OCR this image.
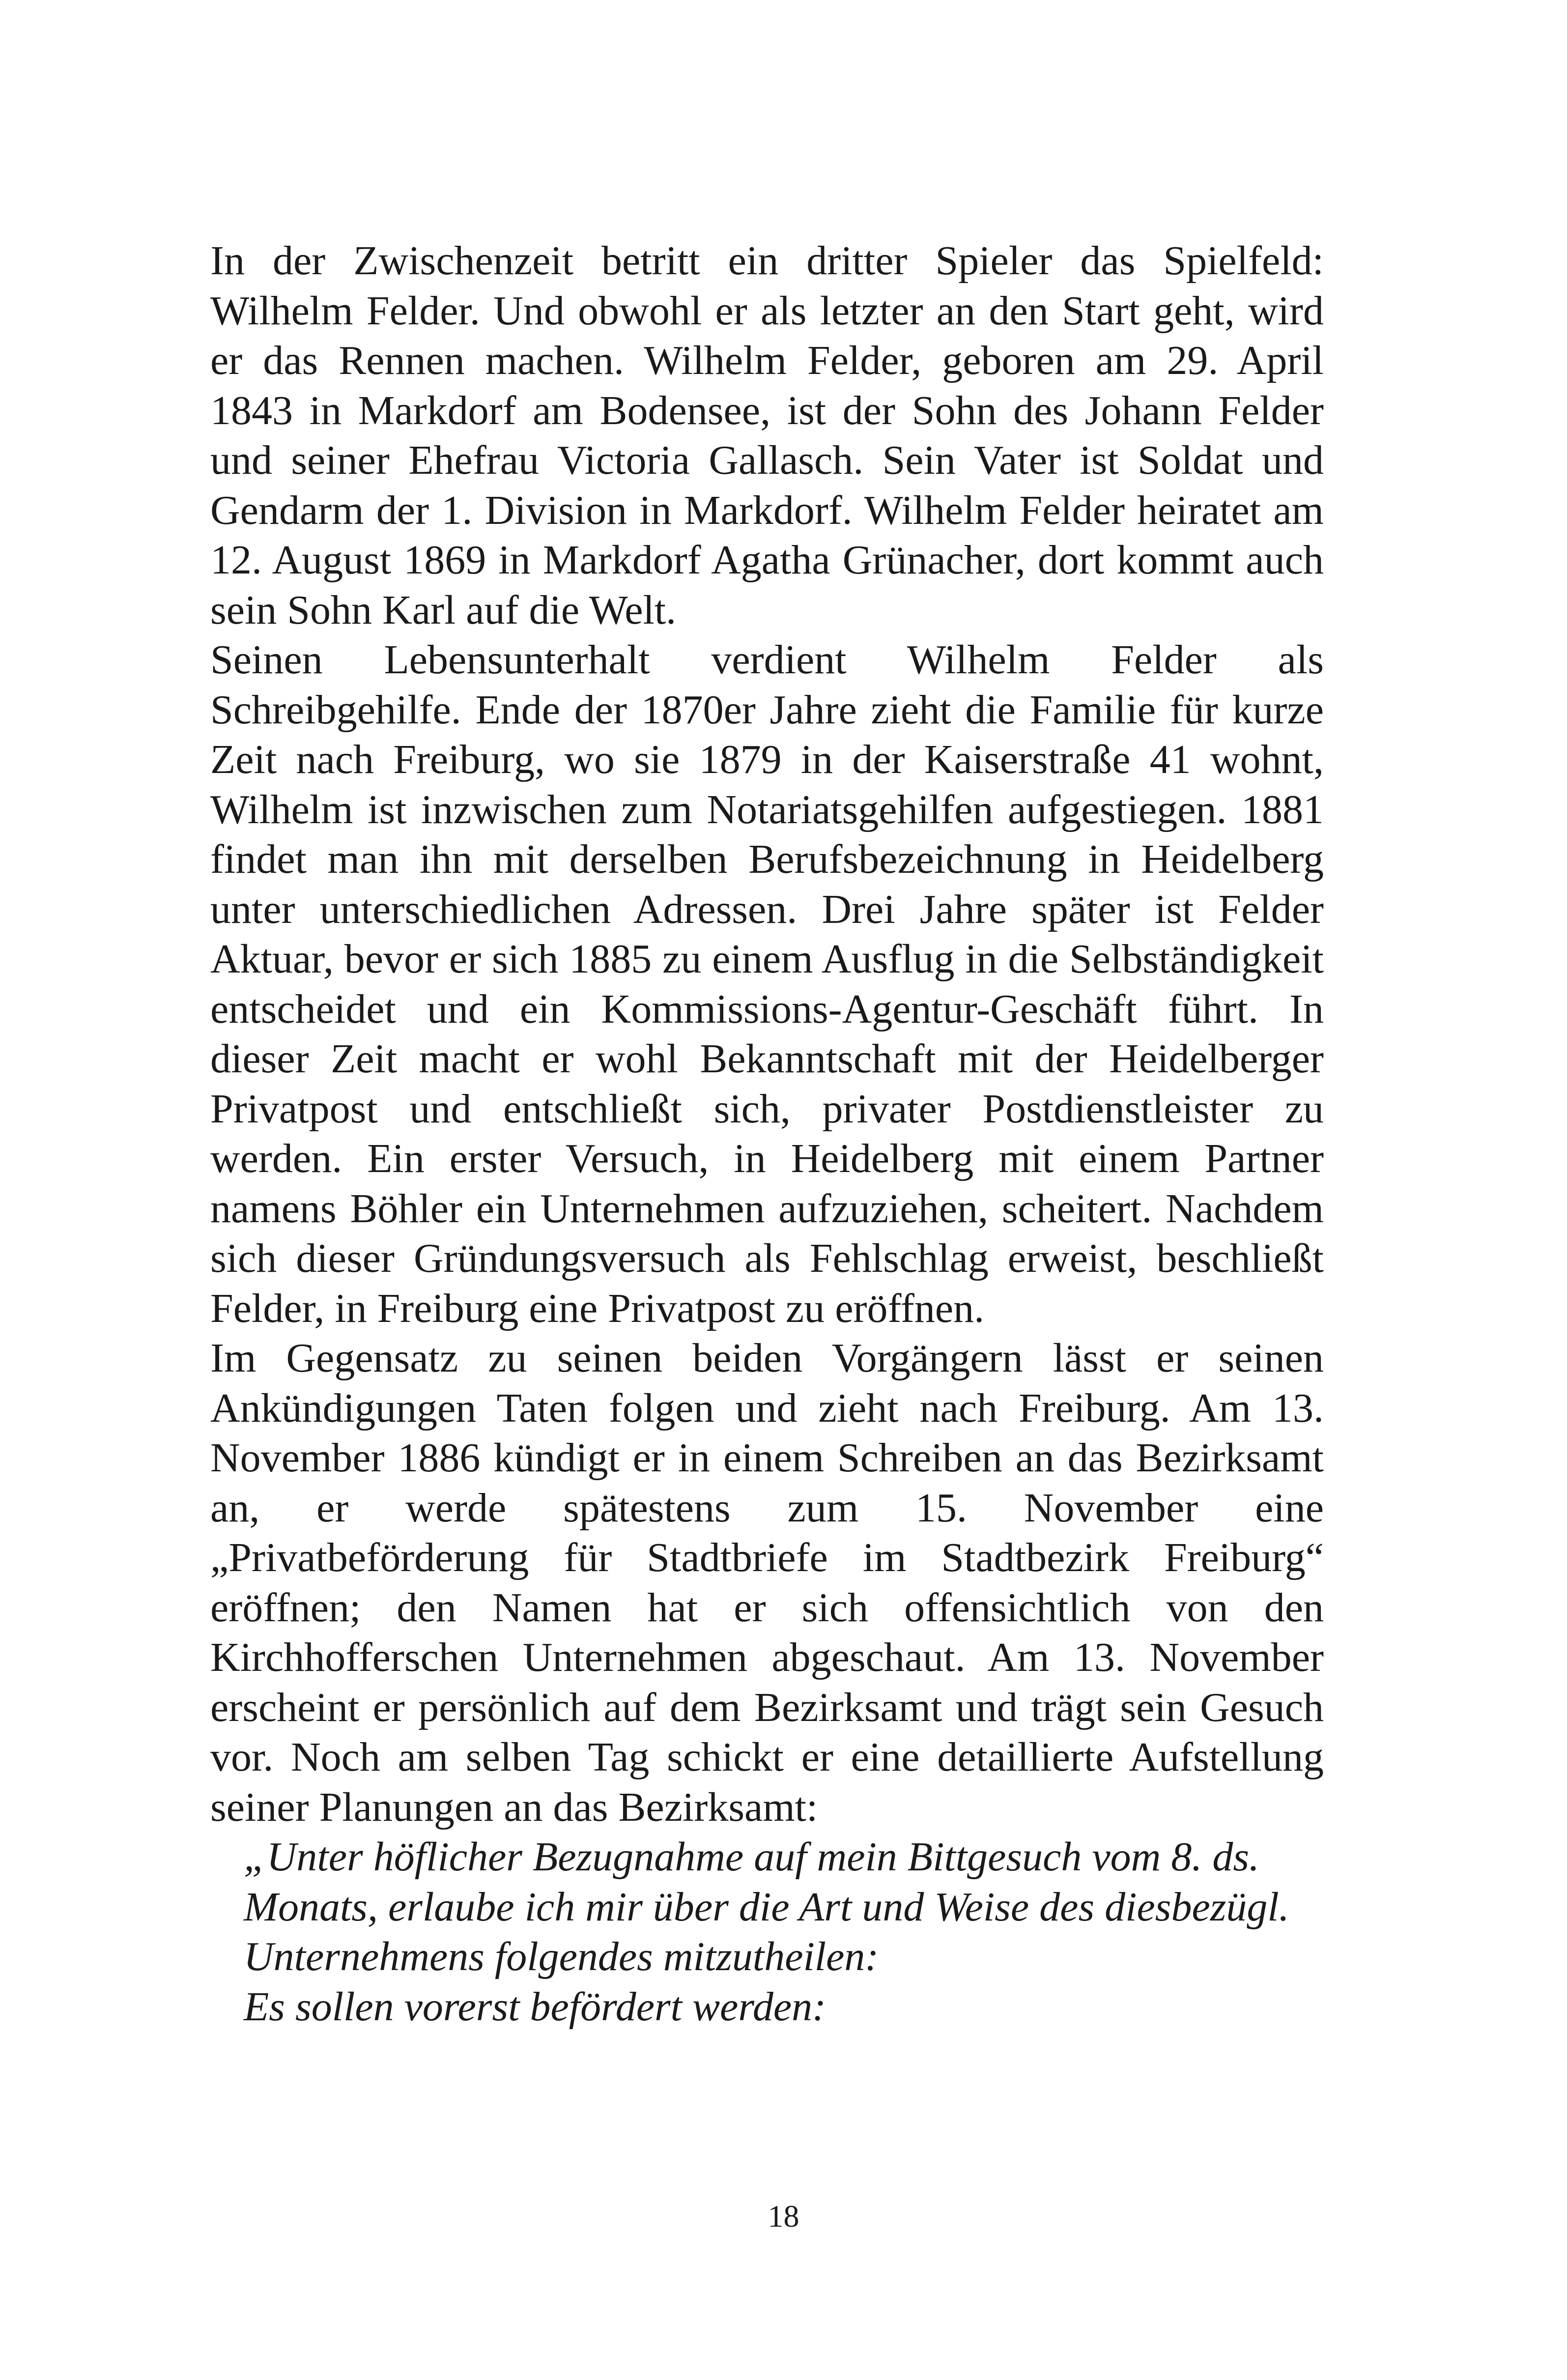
In der Zwischenzeit betritt ein dritter Spieler das Spielfeld: Wilhelm Felder. Und obwohl er als letzter an den Start geht, wird er das Rennen machen. Wilhelm Felder, geboren am 29. April 1843 in Markdorf am Bodensee, ist der Sohn des Johann Felder und seiner Ehefrau Victoria Gallasch. Sein Vater ist Soldat und Gendarm der 1. Division in Markdorf. Wilhelm Felder heiratet am 12. August 1869 in Markdorf Agatha Grünacher, dort kommt auch sein Sohn Karl auf die Welt.

Seinen Lebensunterhalt verdient Wilhelm Felder als Schreibgehilfe. Ende der 1870er Jahre zieht die Familie für kurze Zeit nach Freiburg, wo sie 1879 in der Kaiserstraße 41 wohnt, Wilhelm ist inzwischen zum Notariatsgehilfen aufgestiegen. 1881 findet man ihn mit derselben Berufsbezeichnung in Heidelberg unter unterschiedlichen Adressen. Drei Jahre später ist Felder Aktuar, bevor er sich 1885 zu einem Ausflug in die Selbständigkeit entscheidet und ein Kommissions-Agentur-Geschäft führt. In dieser Zeit macht er wohl Bekanntschaft mit der Heidelberger Privatpost und entschließt sich, privater Postdienstleister zu werden. Ein erster Versuch, in Heidelberg mit einem Partner namens Böhler ein Unternehmen aufzuziehen, scheitert. Nachdem sich dieser Gründungsversuch als Fehlschlag erweist, beschließt Felder, in Freiburg eine Privatpost zu eröffnen.

Im Gegensatz zu seinen beiden Vorgängern lässt er seinen Ankündigungen Taten folgen und zieht nach Freiburg. Am 13. November 1886 kündigt er in einem Schreiben an das Bezirksamt an, er werde spätestens zum 15. November eine „Privatbeförderung für Stadtbriefe im Stadtbezirk Freiburg“ eröffnen; den Namen hat er sich offensichtlich von den Kirchhofferschen Unternehmen abgeschaut. Am 13. November erscheint er persönlich auf dem Bezirksamt und trägt sein Gesuch vor. Noch am selben Tag schickt er eine detaillierte Aufstellung seiner Planungen an das Bezirksamt:

„Unter höflicher Bezugnahme auf mein Bittgesuch vom 8. ds.
Monats, erlaube ich mir über die Art und Weise des diesbezügl.
Unternehmens folgendes mitzutheilen:
Es sollen vorerst befördert werden:
18
